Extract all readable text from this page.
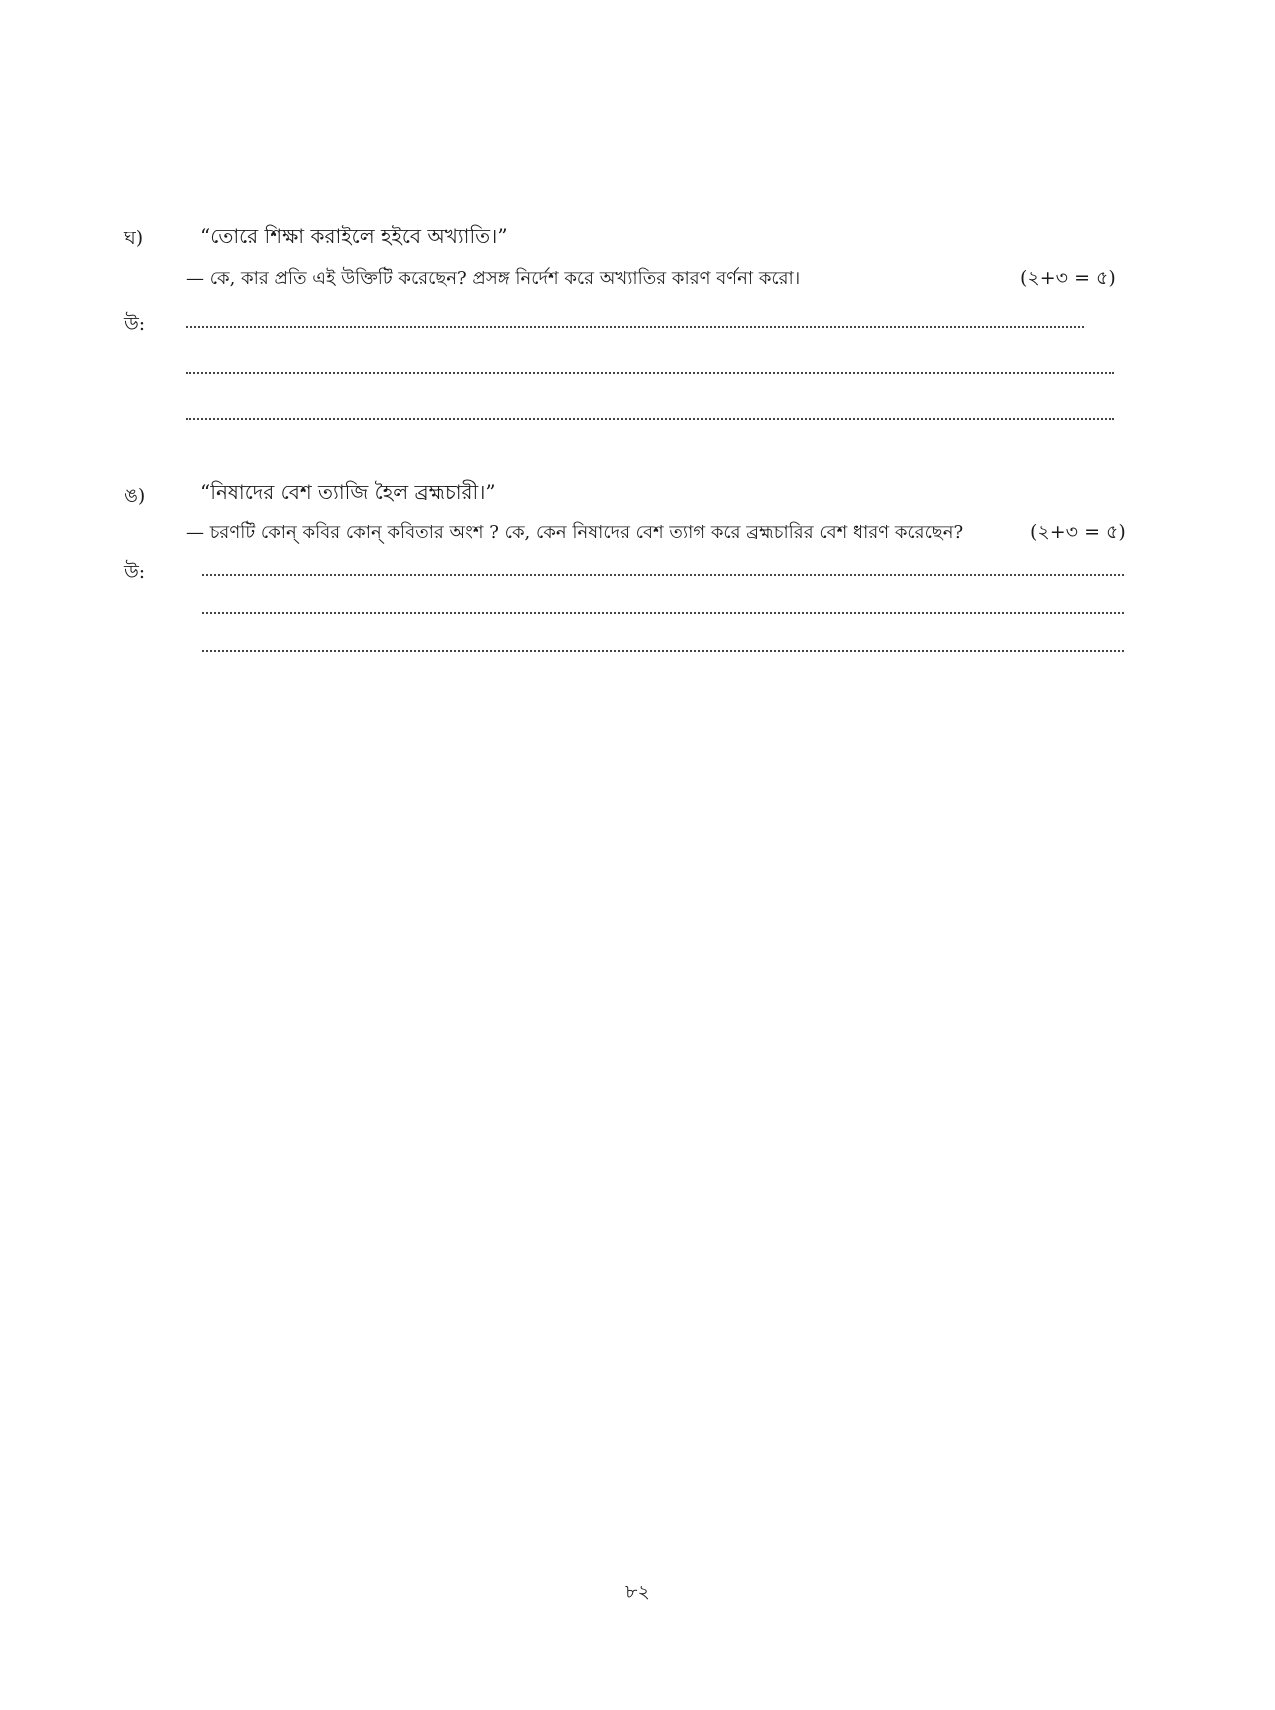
ঘ)	“তোরে শিক্ষা করাইলে হইবে অখ্যাতি।”
— কে, কার প্রতি এই উক্তিটি করেছেন? প্রসঙ্গ নির্দেশ করে অখ্যাতির কারণ বর্ণনা করো।	(২+৩ = ৫)
উ:
ঙ)	“নিষাদের বেশ ত্যাজি হৈল ব্রহ্মচারী।”
— চরণটি কোন্ কবির কোন্ কবিতার অংশ ? কে, কেন নিষাদের বেশ ত্যাগ করে ব্রহ্মচারির বেশ ধারণ করেছেন?	(২+৩ = ৫)
উ:
৮২
